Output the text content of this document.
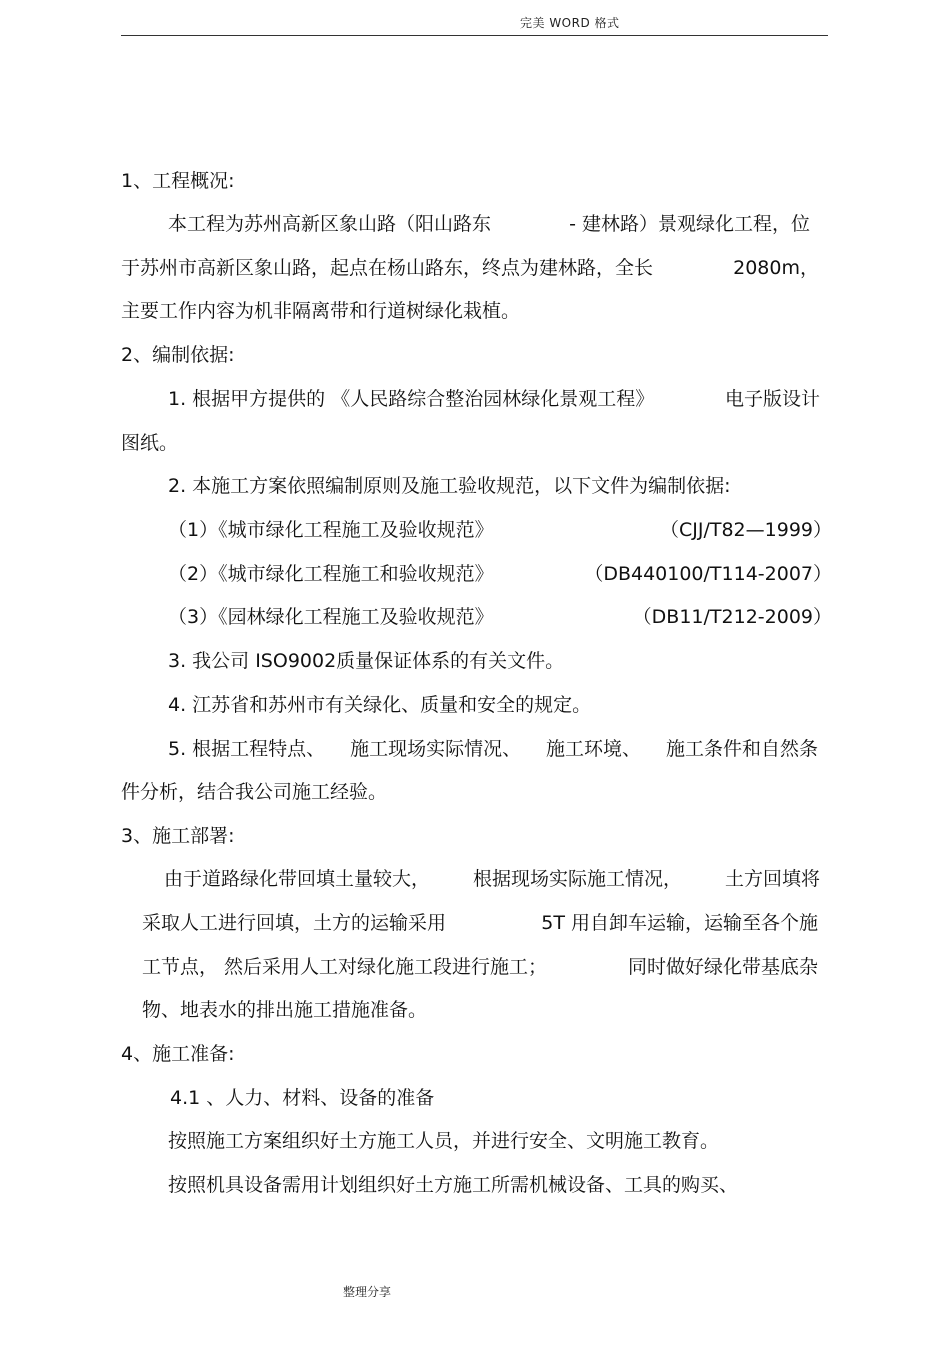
完美 WORD 格式
1、工程概况:
本工程为苏州高新区象山路（阳山路东	- 建林路）景观绿化工程，位
于苏州市高新区象山路，起点在杨山路东，终点为建林路，全长	2080m，
主要工作内容为机非隔离带和行道树绿化栽植。
2、编制依据:
1. 根据甲方提供的 《人民路综合整治园林绿化景观工程》	电子版设计
图纸。
2. 本施工方案依照编制原则及施工验收规范，以下文件为编制依据:
（1）《城市绿化工程施工及验收规范》	（CJJ/T82—1999）
（2）《城市绿化工程施工和验收规范》	（DB440100/T114-2007）
（3）《园林绿化工程施工及验收规范》	（DB11/T212-2009）
3. 我公司 ISO9002质量保证体系的有关文件。
4. 江苏省和苏州市有关绿化、质量和安全的规定。
5. 根据工程特点、 施工现场实际情况、 施工环境、 施工条件和自然条
件分析，结合我公司施工经验。
3、施工部署:
由于道路绿化带回填土量较大， 根据现场实际施工情况， 土方回填将
采取人工进行回填，土方的运输采用	5T 用自卸车运输，运输至各个施
工节点， 然后采用人工对绿化施工段进行施工；	同时做好绿化带基底杂
物、地表水的排出施工措施准备。
4、施工准备:
4.1 、人力、材料、设备的准备
按照施工方案组织好土方施工人员，并进行安全、文明施工教育。
按照机具设备需用计划组织好土方施工所需机械设备、工具的购买、
整理分享
